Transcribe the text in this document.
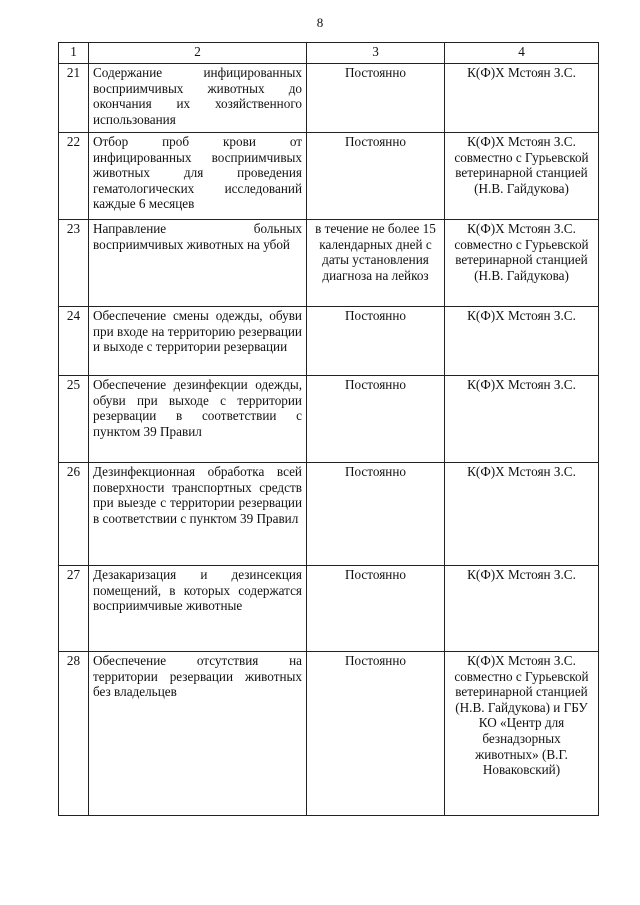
8
1	2	3	4
21	Содержание инфицированных восприимчивых животных до окончания их хозяйственного использования	Постоянно	К(Ф)Х Мстоян З.С.
22	Отбор проб крови от инфицированных восприимчивых животных для проведения гематологических исследований каждые 6 месяцев	Постоянно	К(Ф)Х Мстоян З.С. совместно с Гурьевской ветеринарной станцией (Н.В. Гайдукова)
23	Направление больных восприимчивых животных на убой	в течение не более 15 календарных дней с даты установления диагноза на лейкоз	К(Ф)Х Мстоян З.С. совместно с Гурьевской ветеринарной станцией (Н.В. Гайдукова)
24	Обеспечение смены одежды, обуви при входе на территорию резервации и выходе с территории резервации	Постоянно	К(Ф)Х Мстоян З.С.
25	Обеспечение дезинфекции одежды, обуви при выходе с территории резервации в соответствии с пунктом 39 Правил	Постоянно	К(Ф)Х Мстоян З.С.
26	Дезинфекционная обработка всей поверхности транспортных средств при выезде с территории резервации в соответствии с пунктом 39 Правил	Постоянно	К(Ф)Х Мстоян З.С.
27	Дезакаризация и дезинсекция помещений, в которых содержатся восприимчивые животные	Постоянно	К(Ф)Х Мстоян З.С.
28	Обеспечение отсутствия на территории резервации животных без владельцев	Постоянно	К(Ф)Х Мстоян З.С. совместно с Гурьевской ветеринарной станцией (Н.В. Гайдукова) и ГБУ КО «Центр для безнадзорных животных» (В.Г. Новаковский)
